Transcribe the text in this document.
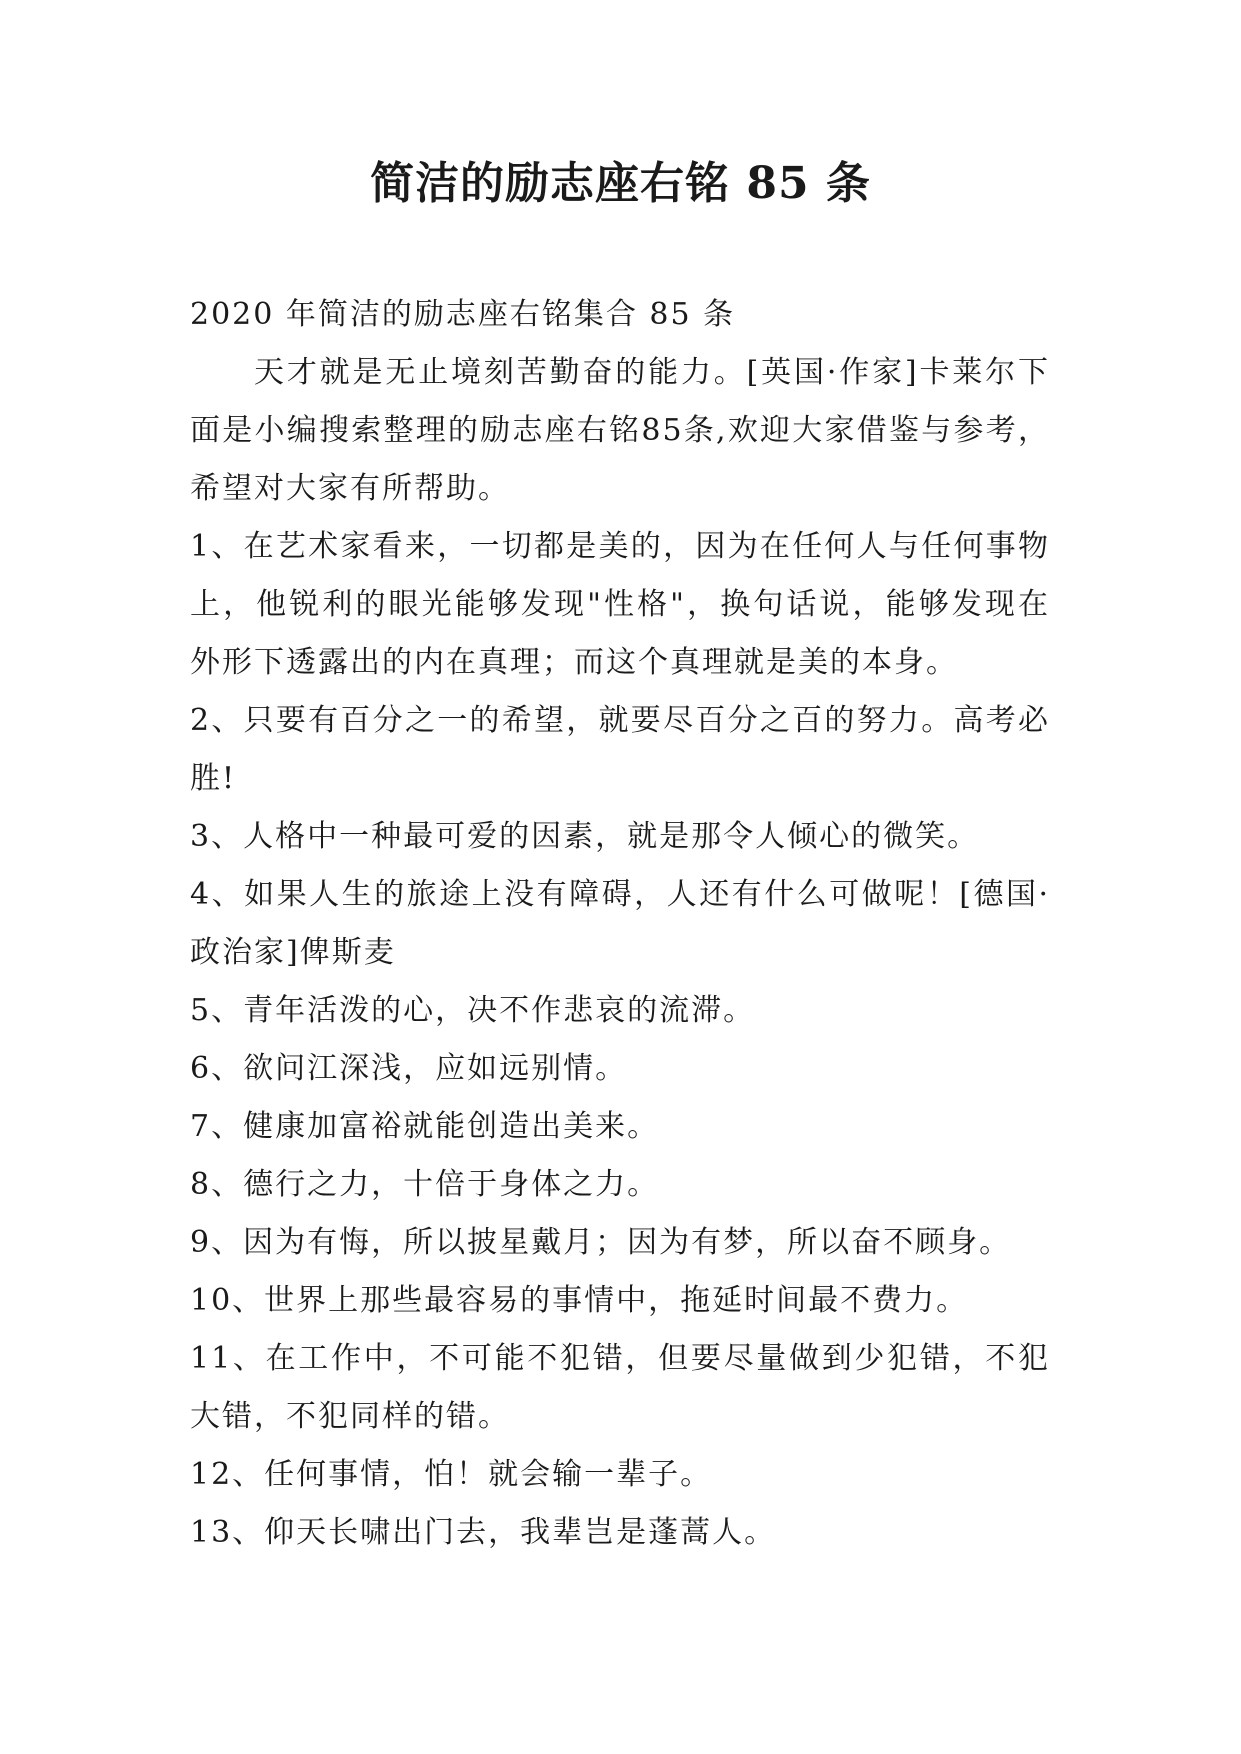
简洁的励志座右铭 85 条

2020 年简洁的励志座右铭集合 85 条

天才就是无止境刻苦勤奋的能力。[英国·作家]卡莱尔下面是小编搜索整理的励志座右铭85条,欢迎大家借鉴与参考，希望对大家有所帮助。

1、在艺术家看来，一切都是美的，因为在任何人与任何事物上，他锐利的眼光能够发现"性格"，换句话说，能够发现在外形下透露出的内在真理；而这个真理就是美的本身。

2、只要有百分之一的希望，就要尽百分之百的努力。高考必胜!

3、人格中一种最可爱的因素，就是那令人倾心的微笑。

4、如果人生的旅途上没有障碍，人还有什么可做呢！[德国·政治家]俾斯麦

5、青年活泼的心，决不作悲哀的流滞。

6、欲问江深浅，应如远别情。

7、健康加富裕就能创造出美来。

8、德行之力，十倍于身体之力。

9、因为有悔，所以披星戴月；因为有梦，所以奋不顾身。

10、世界上那些最容易的事情中，拖延时间最不费力。

11、在工作中，不可能不犯错，但要尽量做到少犯错，不犯大错，不犯同样的错。

12、任何事情，怕！就会输一辈子。

13、仰天长啸出门去，我辈岂是蓬蒿人。
